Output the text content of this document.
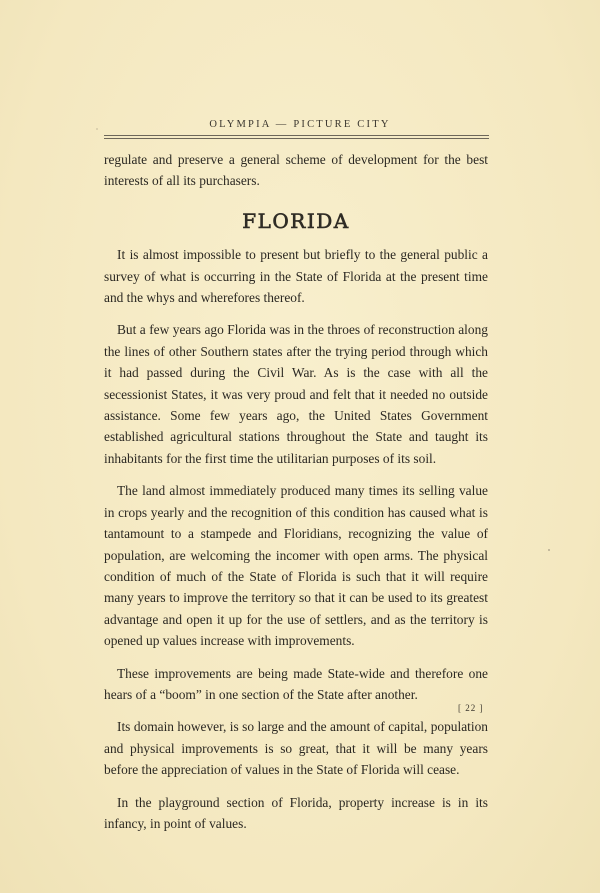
OLYMPIA — PICTURE CITY

regulate and preserve a general scheme of development for the best interests of all its purchasers.

FLORIDA

It is almost impossible to present but briefly to the general public a survey of what is occurring in the State of Florida at the present time and the whys and wherefores thereof.

But a few years ago Florida was in the throes of reconstruction along the lines of other Southern states after the trying period through which it had passed during the Civil War. As is the case with all the secessionist States, it was very proud and felt that it needed no outside assistance. Some few years ago, the United States Government established agricultural stations throughout the State and taught its inhabitants for the first time the utilitarian purposes of its soil.

The land almost immediately produced many times its selling value in crops yearly and the recognition of this condition has caused what is tantamount to a stampede and Floridians, recognizing the value of population, are welcoming the incomer with open arms. The physical condition of much of the State of Florida is such that it will require many years to improve the territory so that it can be used to its greatest advantage and open it up for the use of settlers, and as the territory is opened up values increase with improvements.

These improvements are being made State-wide and therefore one hears of a “boom” in one section of the State after another.

Its domain however, is so large and the amount of capital, population and physical improvements is so great, that it will be many years before the appreciation of values in the State of Florida will cease.

In the playground section of Florida, property increase is in its infancy, in point of values.

[ 22 ]
